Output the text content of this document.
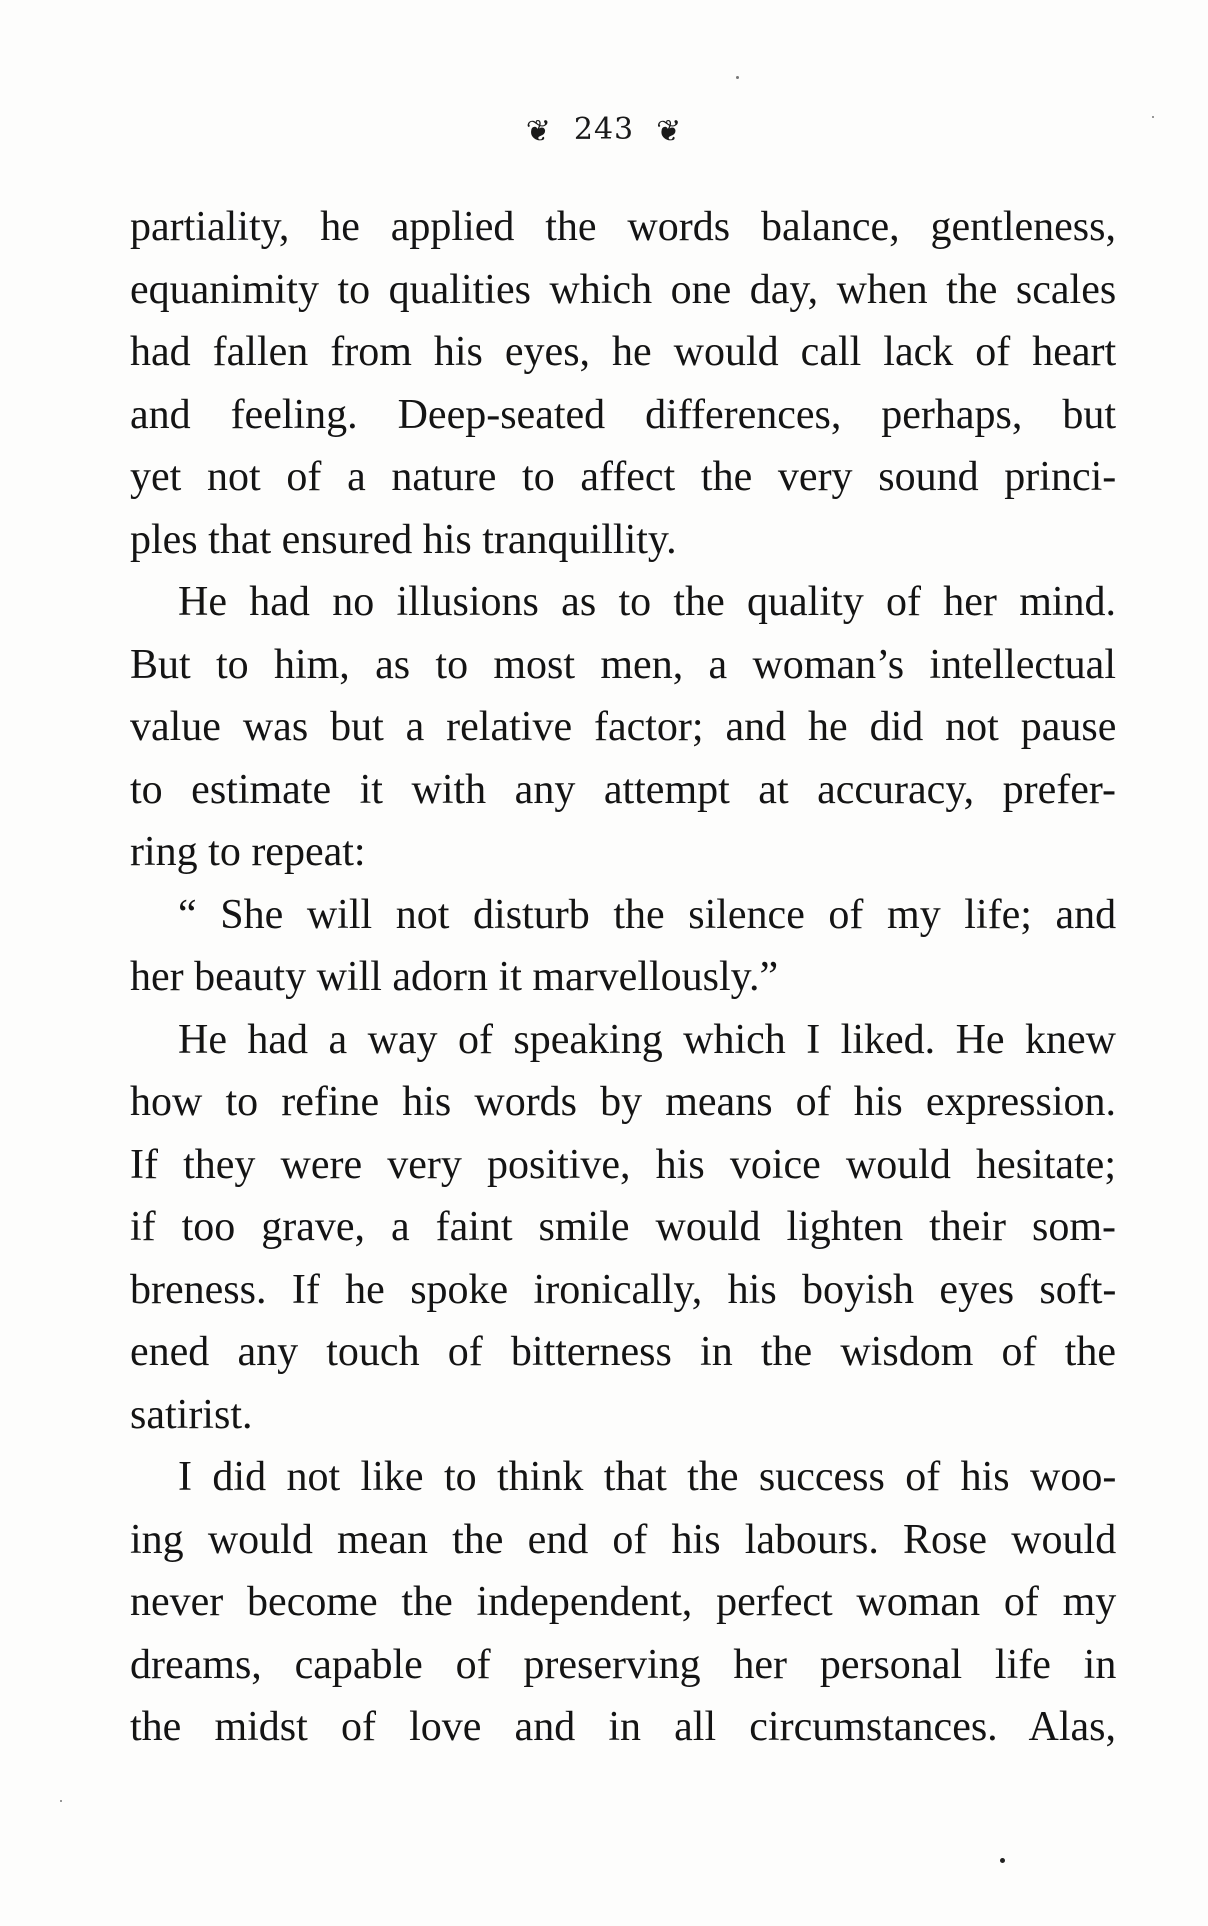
❦ 243 ❦

partiality, he applied the words balance, gentleness,
equanimity to qualities which one day, when the scales
had fallen from his eyes, he would call lack of heart
and feeling. Deep-seated differences, perhaps, but
yet not of a nature to affect the very sound princi-
ples that ensured his tranquillity.

He had no illusions as to the quality of her mind.
But to him, as to most men, a woman’s intellectual
value was but a relative factor; and he did not pause
to estimate it with any attempt at accuracy, prefer-
ring to repeat:

“ She will not disturb the silence of my life; and
her beauty will adorn it marvellously.”

He had a way of speaking which I liked. He knew
how to refine his words by means of his expression.
If they were very positive, his voice would hesitate;
if too grave, a faint smile would lighten their som-
breness. If he spoke ironically, his boyish eyes soft-
ened any touch of bitterness in the wisdom of the
satirist.

I did not like to think that the success of his woo-
ing would mean the end of his labours. Rose would
never become the independent, perfect woman of my
dreams, capable of preserving her personal life in
the midst of love and in all circumstances. Alas,
